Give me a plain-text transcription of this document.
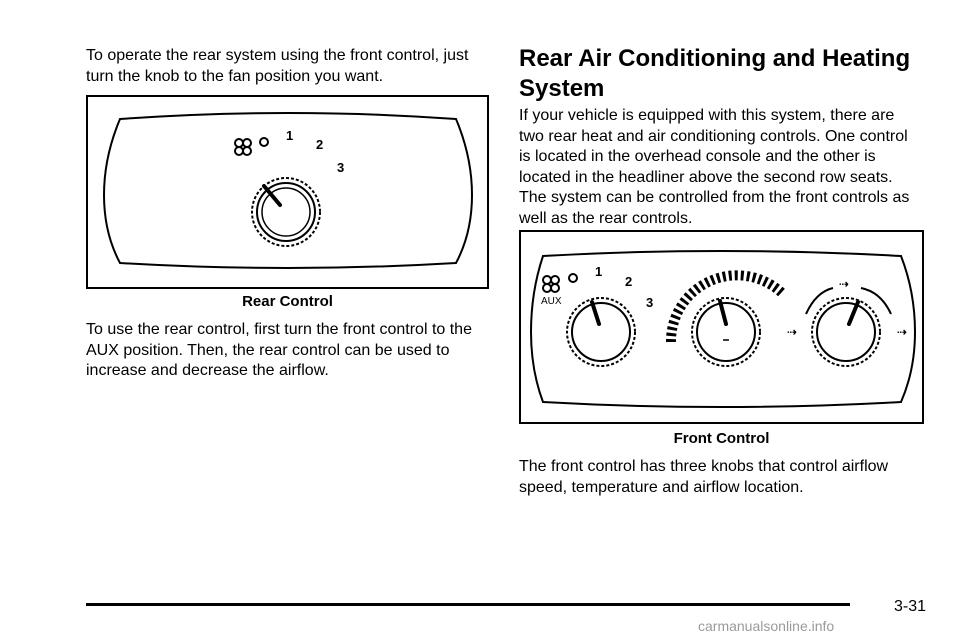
To operate the rear system using the front control, just
turn the knob to the fan position you want.

1
2
3
Rear Control

To use the rear control, first turn the front control to the
AUX position. Then, the rear control can be used to
increase and decrease the airflow.

Rear Air Conditioning and Heating
System

If your vehicle is equipped with this system, there are
two rear heat and air conditioning controls. One control
is located in the overhead console and the other is
located in the headliner above the second row seats.
The system can be controlled from the front controls as
well as the rear controls.

AUX
1
2
3
⇢
⇢	⇢
Front Control

The front control has three knobs that control airflow
speed, temperature and airflow location.

3-31
carmanualsonline.info
